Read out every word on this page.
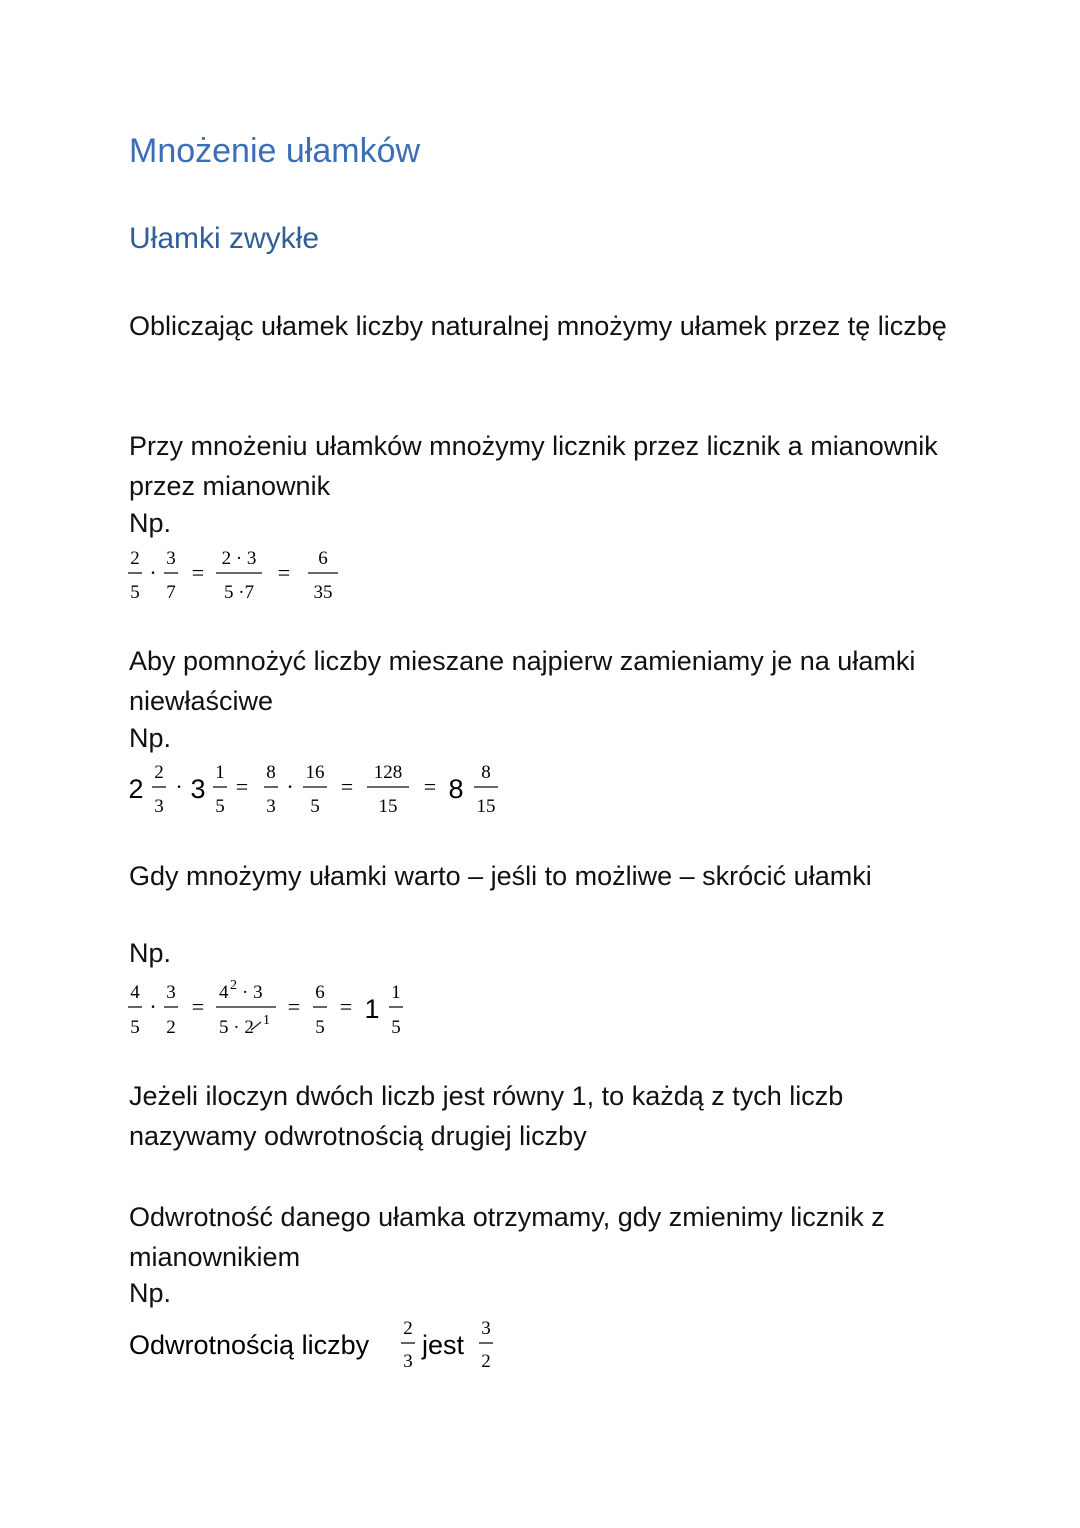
Mnożenie ułamków
Ułamki zwykłe
Obliczając ułamek liczby naturalnej mnożymy ułamek przez tę liczbę
Przy mnożeniu ułamków mnożymy licznik przez licznik a mianownik przez mianownik
Np.
2
5
·
3
7
=
2 · 3
5 ·7
=
6
35
Aby pomnożyć liczby mieszane najpierw zamieniamy je na ułamki niewłaściwe
Np.
2
2
3
· 3
1
5
=
8
3
·
16
5
=
128
15
= 8
8
15
Gdy mnożymy ułamki warto – jeśli to możliwe – skrócić ułamki
Np.
4
5
·
3
2
=
4 2 · 3
5 · 2 1
=
6
5
= 1
1
5
Jeżeli iloczyn dwóch liczb jest równy 1, to każdą z tych liczb nazywamy odwrotnością drugiej liczby
Odwrotność danego ułamka otrzymamy, gdy zmienimy licznik z mianownikiem
Np.
Odwrotnością liczby
2
3
jest
3
2
